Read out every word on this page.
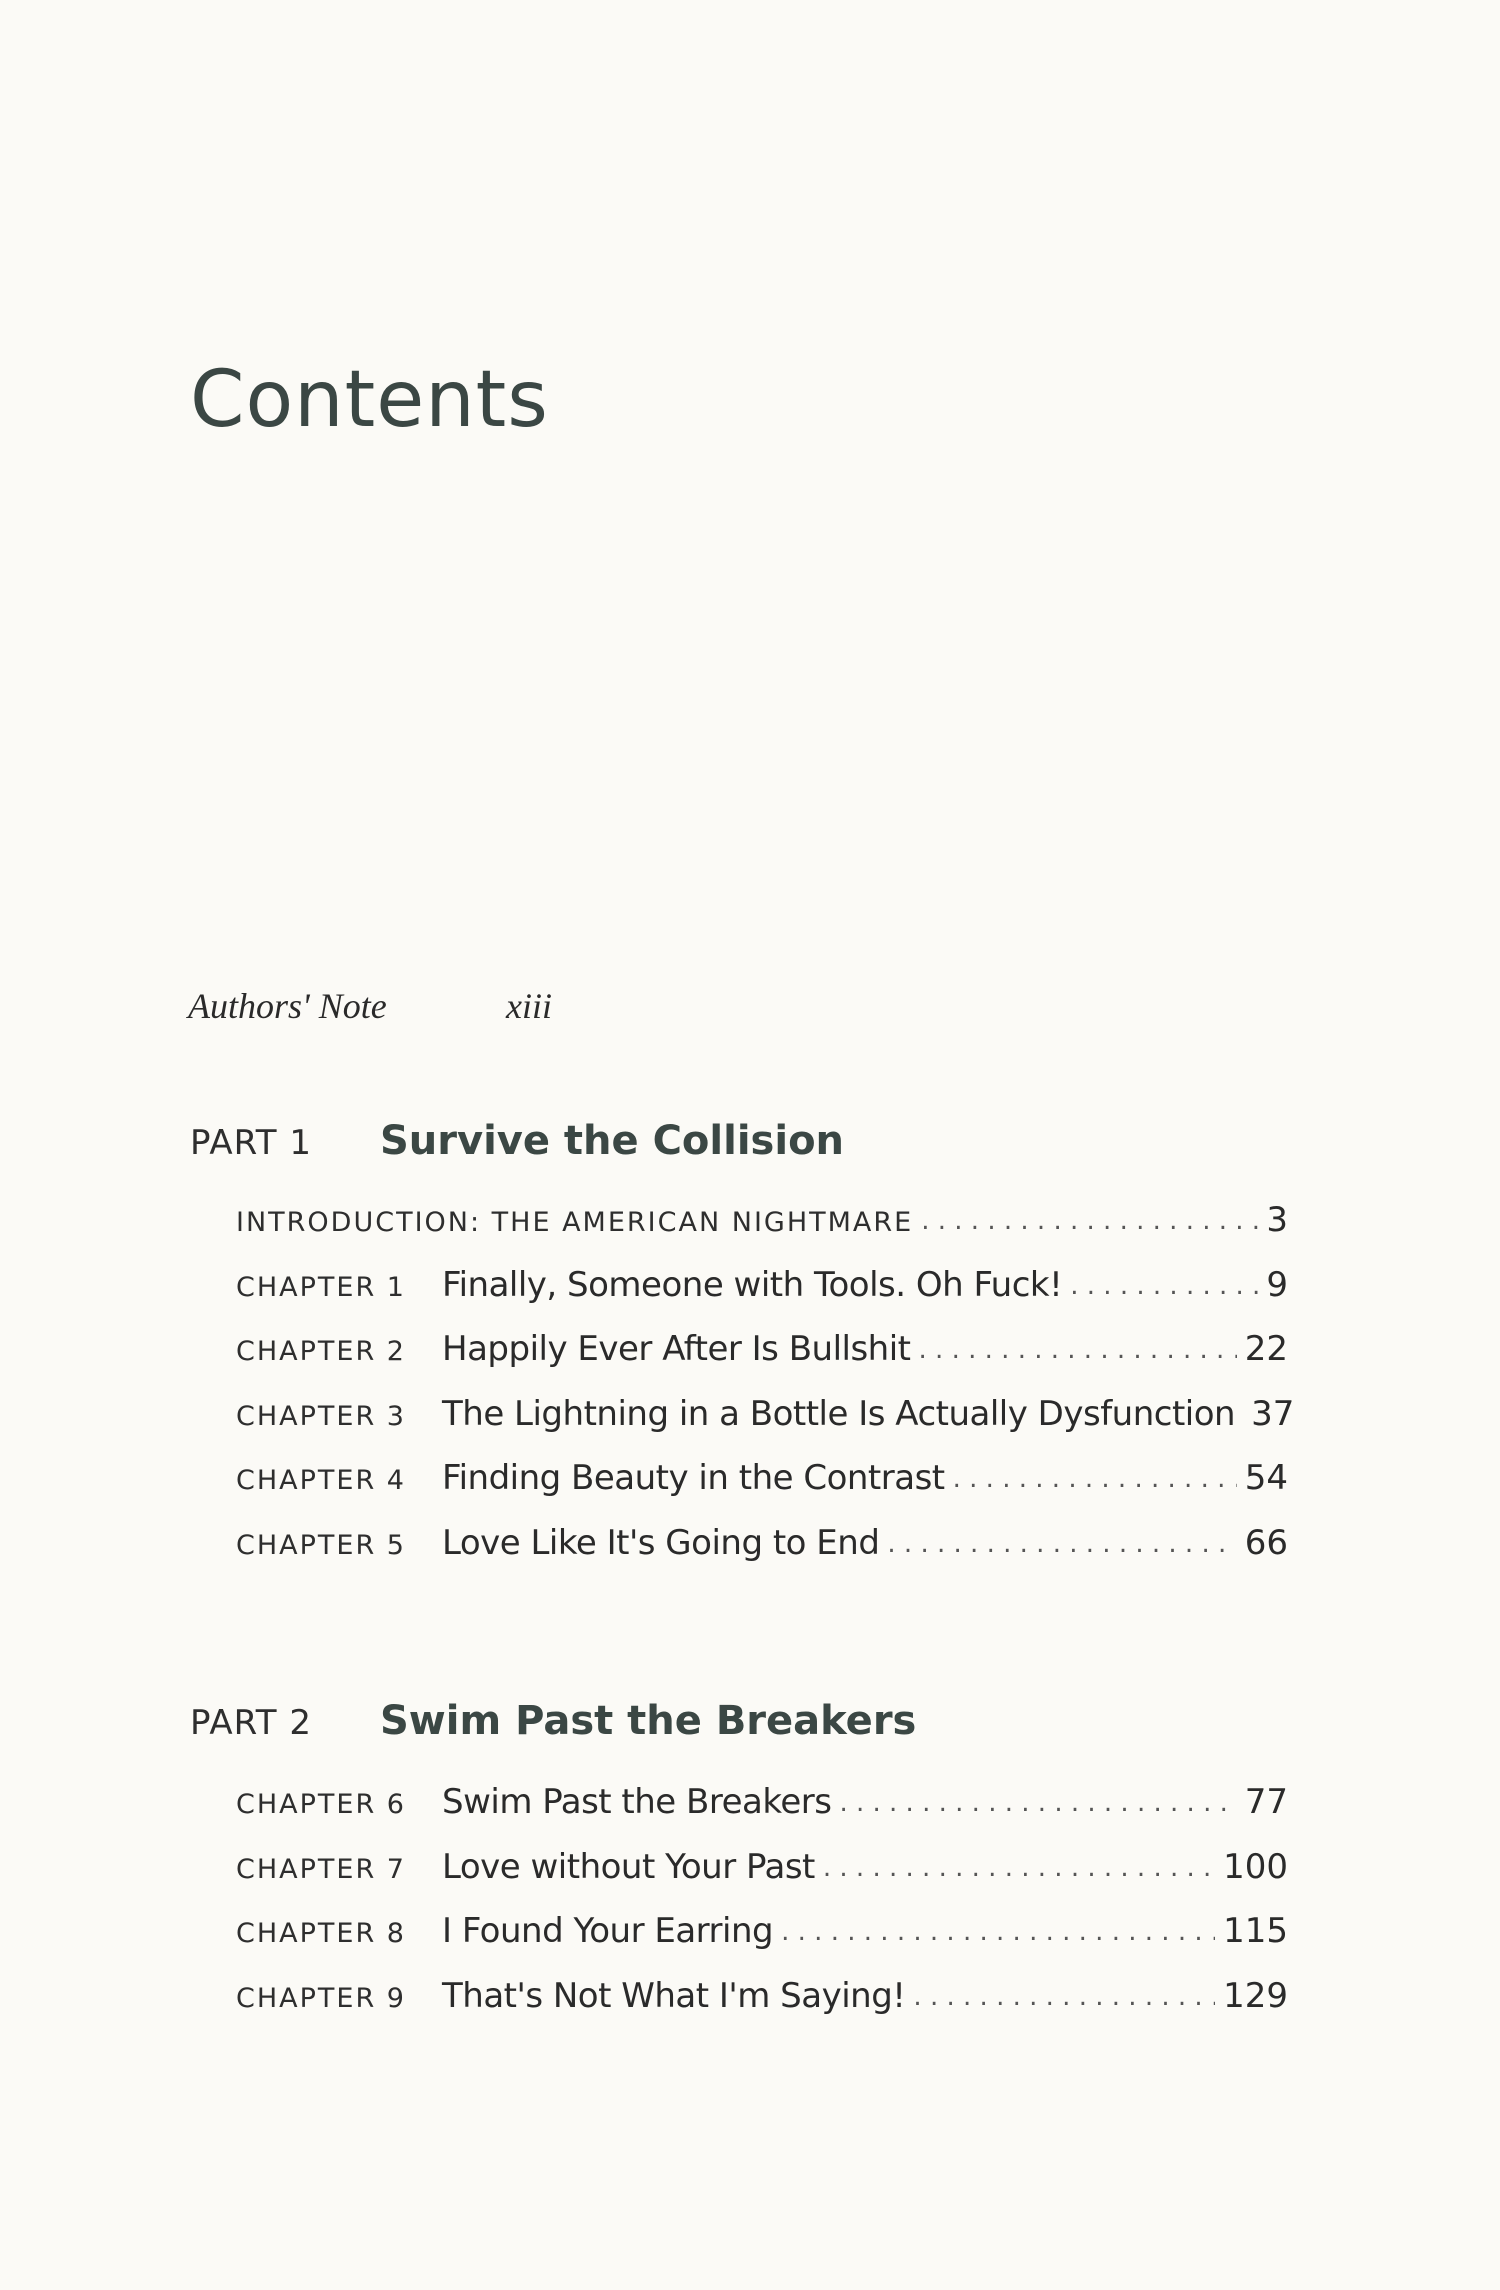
Contents
Authors' Note	xiii
PART 1	Survive the Collision
INTRODUCTION: THE AMERICAN NIGHTMARE . . .	3
CHAPTER 1	Finally, Someone with Tools. Oh Fuck! . . .	9
CHAPTER 2	Happily Ever After Is Bullshit . . .	22
CHAPTER 3	The Lightning in a Bottle Is Actually Dysfunction 37
CHAPTER 4	Finding Beauty in the Contrast . . .	54
CHAPTER 5	Love Like It's Going to End . . .	66
PART 2	Swim Past the Breakers
CHAPTER 6	Swim Past the Breakers . . .	77
CHAPTER 7	Love without Your Past . . .	100
CHAPTER 8	I Found Your Earring . . .	115
CHAPTER 9	That's Not What I'm Saying! . . .	129
